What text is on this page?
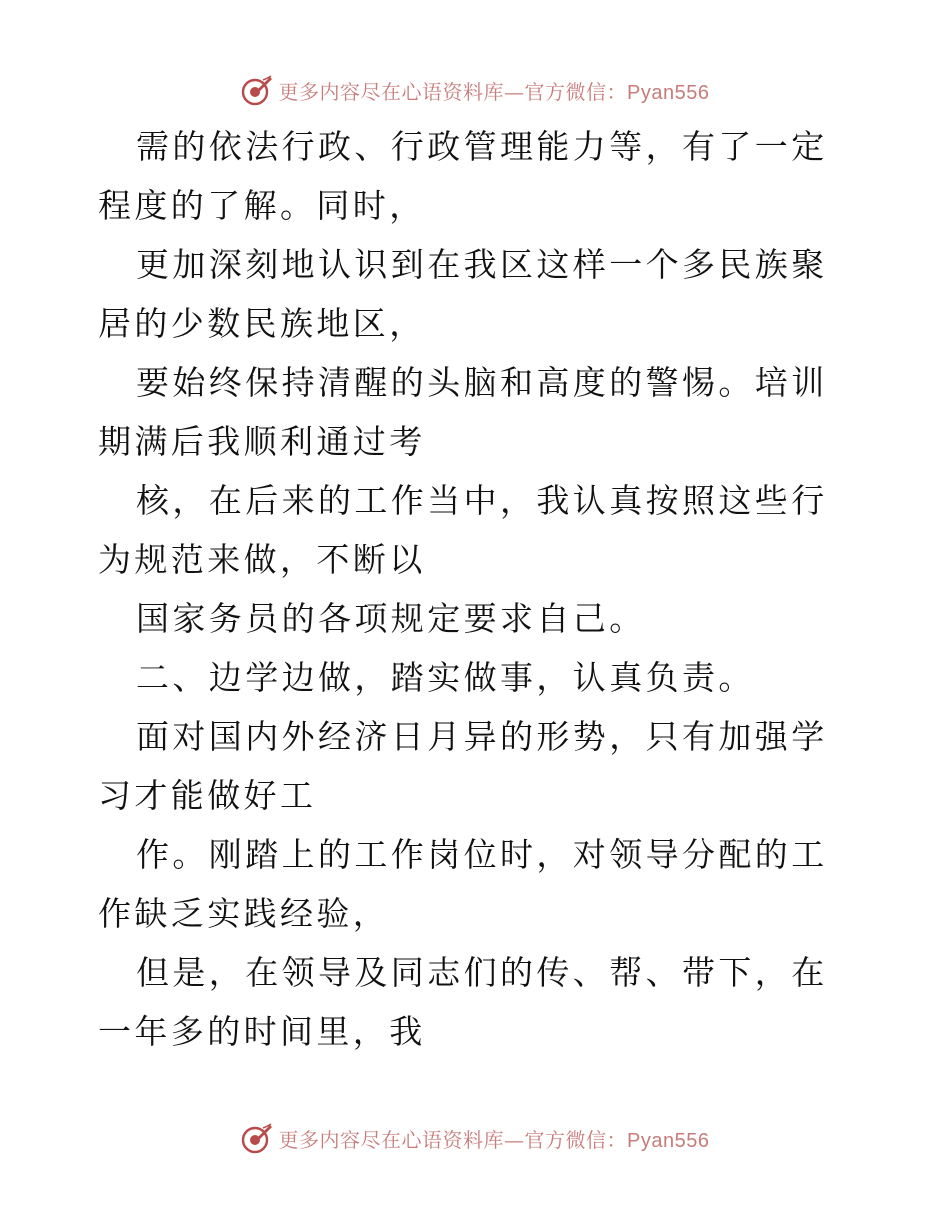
更多内容尽在心语资料库—官方微信：Pyan556

需的依法行政、行政管理能力等，有了一定程度的了解。同时，

更加深刻地认识到在我区这样一个多民族聚居的少数民族地区，

要始终保持清醒的头脑和高度的警惕。培训期满后我顺利通过考

核，在后来的工作当中，我认真按照这些行为规范来做，不断以

国家务员的各项规定要求自己。

二、边学边做，踏实做事，认真负责。

面对国内外经济日月异的形势，只有加强学习才能做好工

作。刚踏上的工作岗位时，对领导分配的工作缺乏实践经验，

但是，在领导及同志们的传、帮、带下，在一年多的时间里，我

更多内容尽在心语资料库—官方微信：Pyan556
